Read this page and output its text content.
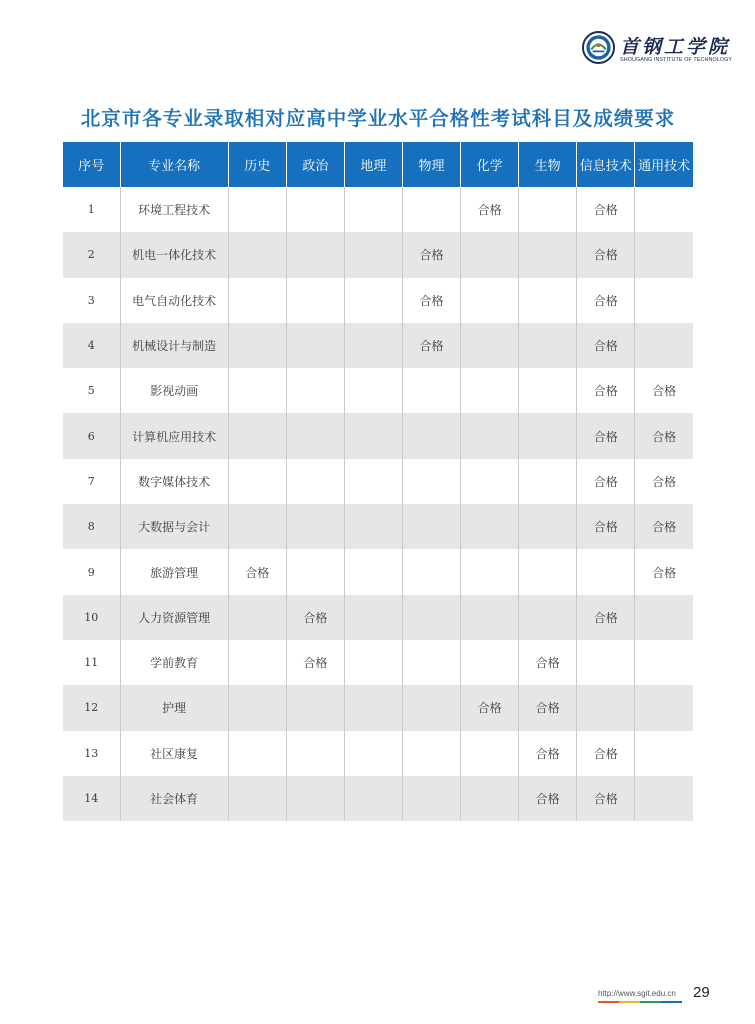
首钢工学院
SHOUGANG INSTITUTE OF TECHNOLOGY
北京市各专业录取相对应高中学业水平合格性考试科目及成绩要求
序号	专业名称	历史	政治	地理	物理	化学	生物	信息技术	通用技术
1	环境工程技术					合格		合格	
2	机电一体化技术				合格			合格	
3	电气自动化技术				合格			合格	
4	机械设计与制造				合格			合格	
5	影视动画							合格	合格
6	计算机应用技术							合格	合格
7	数字媒体技术							合格	合格
8	大数据与会计							合格	合格
9	旅游管理	合格							合格
10	人力资源管理		合格					合格	
11	学前教育		合格				合格		
12	护理					合格	合格		
13	社区康复						合格	合格	
14	社会体育						合格	合格	
http://www.sgit.edu.cn 29
